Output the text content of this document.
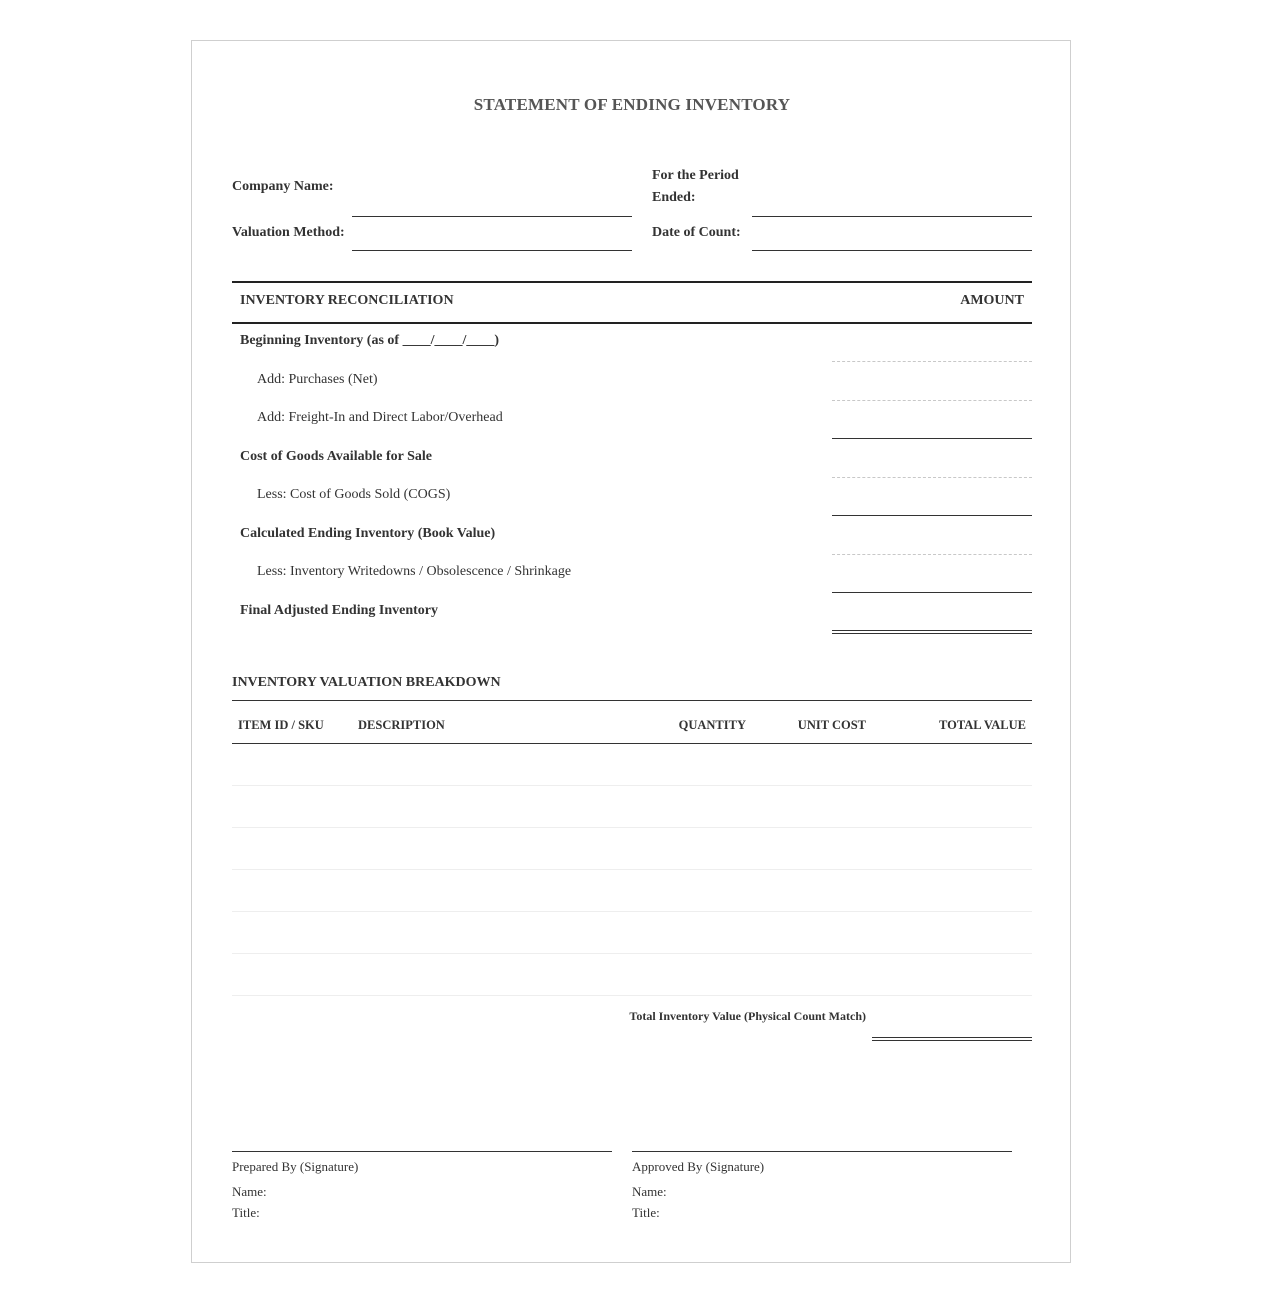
STATEMENT OF ENDING INVENTORY
Company Name:
For the Period
Ended:
Valuation Method:	Date of Count:
INVENTORY RECONCILIATION	AMOUNT
Beginning Inventory (as of ____/____/____)
Add: Purchases (Net)
Add: Freight-In and Direct Labor/Overhead
Cost of Goods Available for Sale
Less: Cost of Goods Sold (COGS)
Calculated Ending Inventory (Book Value)
Less: Inventory Writedowns / Obsolescence / Shrinkage
Final Adjusted Ending Inventory
INVENTORY VALUATION BREAKDOWN
ITEM ID / SKU	DESCRIPTION	QUANTITY	UNIT COST	TOTAL VALUE
Total Inventory Value (Physical Count Match)
Prepared By (Signature)
Name:
Title:
Approved By (Signature)
Name:
Title:
